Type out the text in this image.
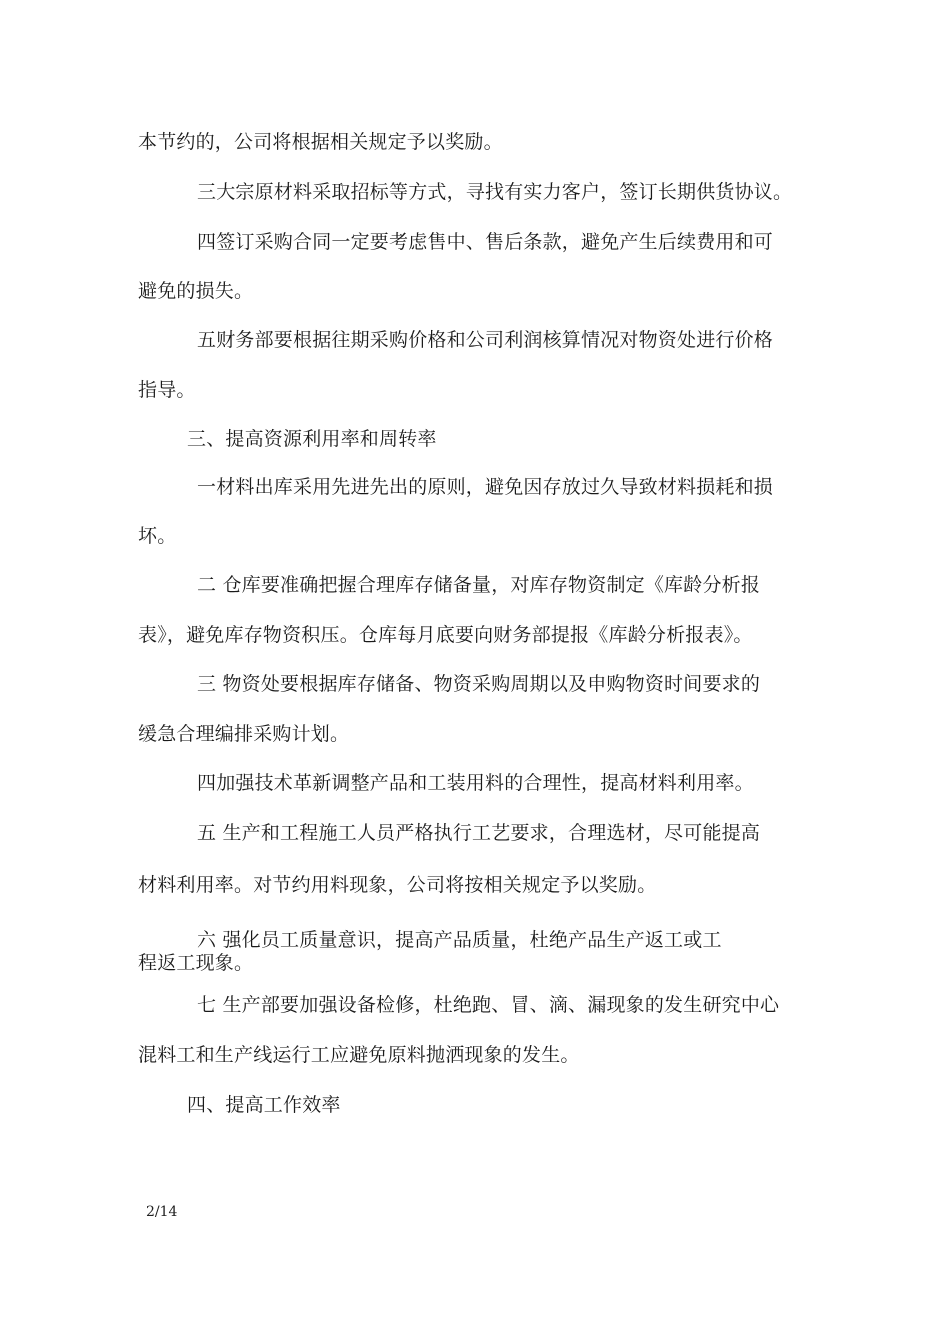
本节约的，公司将根据相关规定予以奖励。
三大宗原材料采取招标等方式，寻找有实力客户，签订长期供货协议。
四签订采购合同一定要考虑售中、售后条款，避免产生后续费用和可
避免的损失。
五财务部要根据往期采购价格和公司利润核算情况对物资处进行价格
指导。
三、提高资源利用率和周转率
一材料出库采用先进先出的原则，避免因存放过久导致材料损耗和损
坏。
二 仓库要准确把握合理库存储备量，对库存物资制定《库龄分析报
表》，避免库存物资积压。仓库每月底要向财务部提报《库龄分析报表》。
三 物资处要根据库存储备、物资采购周期以及申购物资时间要求的
缓急合理编排采购计划。
四加强技术革新调整产品和工装用料的合理性，提高材料利用率。
五 生产和工程施工人员严格执行工艺要求，合理选材，尽可能提高
材料利用率。对节约用料现象，公司将按相关规定予以奖励。
六 强化员工质量意识，提高产品质量，杜绝产品生产返工或工
程返工现象。
七 生产部要加强设备检修，杜绝跑、冒、滴、漏现象的发生研究中心
混料工和生产线运行工应避免原料抛洒现象的发生。
四、提高工作效率
2/14
